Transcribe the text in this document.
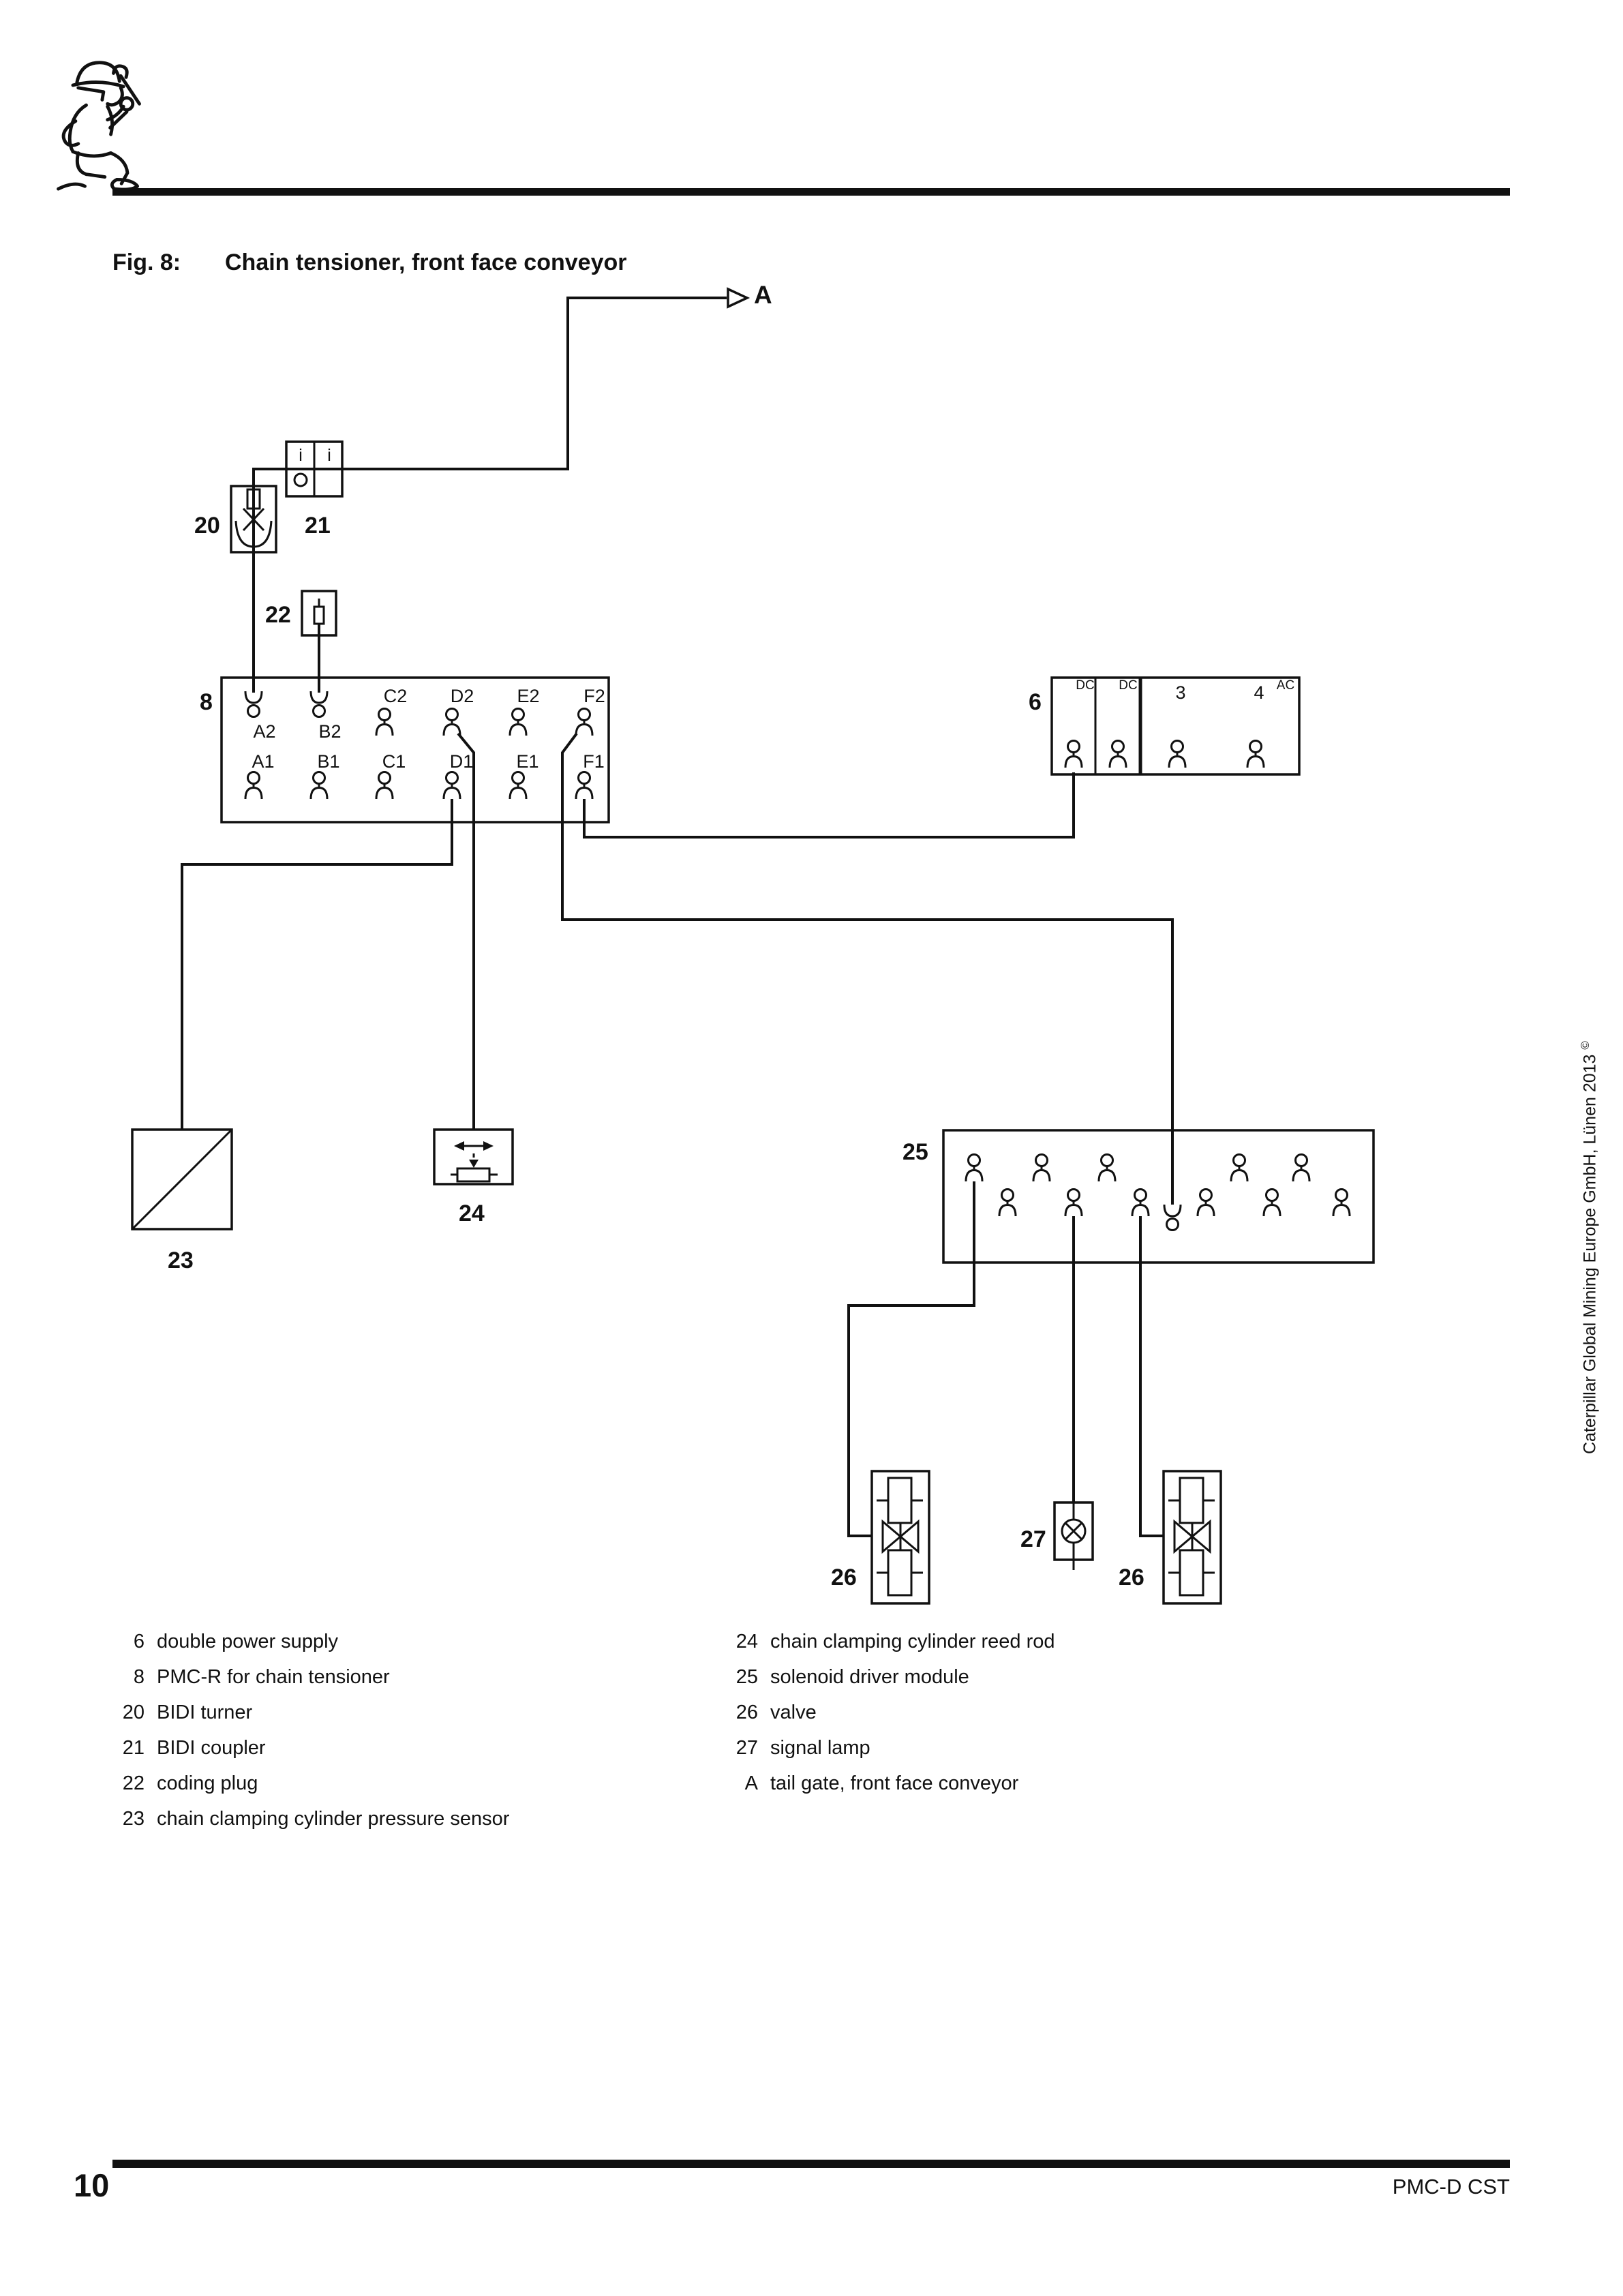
Fig. 8: Chain tensioner, front face conveyor
A
20	21
22
8	6
23
24
25
26
27
26
i i
A2 B2
C2 D2 E2 F2
A1 B1 C1 D1 E1 F1
DC DC 3	4 AC
6 double power supply
8 PMC-R for chain tensioner
20 BIDI turner
21 BIDI coupler
22 coding plug
23 chain clamping cylinder pressure sensor
24 chain clamping cylinder reed rod
25 solenoid driver module
26 valve
27 signal lamp
A tail gate, front face conveyor
Caterpillar Global Mining Europe GmbH, Lünen 2013 ©
10	PMC-D CST
